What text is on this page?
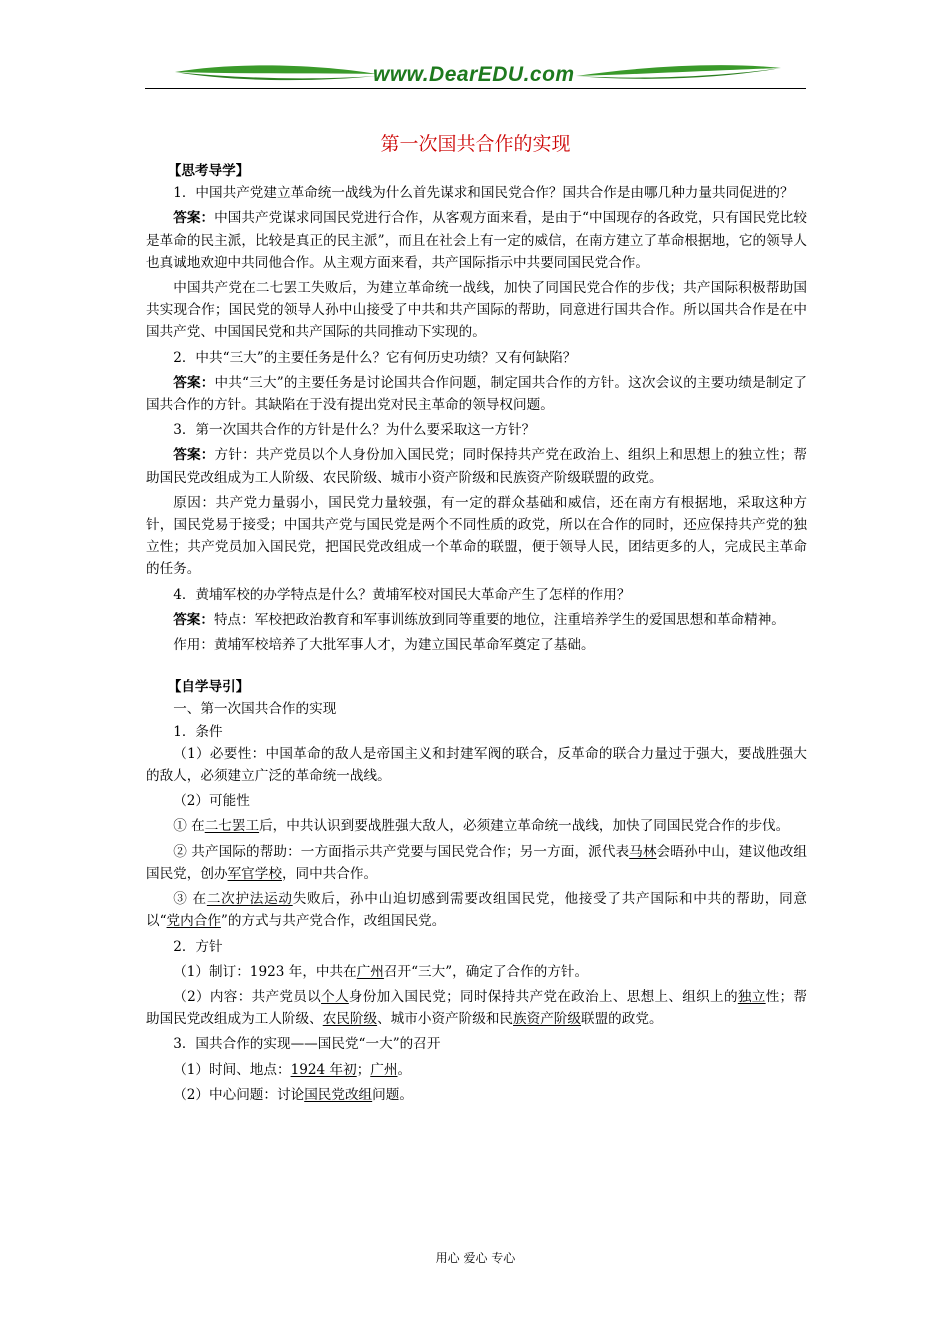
www.DearEDU.com
第一次国共合作的实现

【思考导学】

1．中国共产党建立革命统一战线为什么首先谋求和国民党合作？国共合作是由哪几种力量共同促进的？

答案：中国共产党谋求同国民党进行合作，从客观方面来看，是由于“中国现存的各政党，只有国民党比较是革命的民主派，比较是真正的民主派”，而且在社会上有一定的威信，在南方建立了革命根据地，它的领导人也真诚地欢迎中共同他合作。从主观方面来看，共产国际指示中共要同国民党合作。

中国共产党在二七罢工失败后，为建立革命统一战线，加快了同国民党合作的步伐；共产国际积极帮助国共实现合作；国民党的领导人孙中山接受了中共和共产国际的帮助，同意进行国共合作。所以国共合作是在中国共产党、中国国民党和共产国际的共同推动下实现的。

2．中共“三大”的主要任务是什么？它有何历史功绩？又有何缺陷？

答案：中共“三大”的主要任务是讨论国共合作问题，制定国共合作的方针。这次会议的主要功绩是制定了国共合作的方针。其缺陷在于没有提出党对民主革命的领导权问题。

3．第一次国共合作的方针是什么？为什么要采取这一方针？

答案：方针：共产党员以个人身份加入国民党；同时保持共产党在政治上、组织上和思想上的独立性；帮助国民党改组成为工人阶级、农民阶级、城市小资产阶级和民族资产阶级联盟的政党。

原因：共产党力量弱小，国民党力量较强，有一定的群众基础和威信，还在南方有根据地，采取这种方针，国民党易于接受；中国共产党与国民党是两个不同性质的政党，所以在合作的同时，还应保持共产党的独立性；共产党员加入国民党，把国民党改组成一个革命的联盟，便于领导人民，团结更多的人，完成民主革命的任务。

4．黄埔军校的办学特点是什么？黄埔军校对国民大革命产生了怎样的作用？

答案：特点：军校把政治教育和军事训练放到同等重要的地位，注重培养学生的爱国思想和革命精神。

作用：黄埔军校培养了大批军事人才，为建立国民革命军奠定了基础。

【自学导引】

一、第一次国共合作的实现

1．条件

（1）必要性：中国革命的敌人是帝国主义和封建军阀的联合，反革命的联合力量过于强大，要战胜强大的敌人，必须建立广泛的革命统一战线。

（2）可能性

① 在二七罢工后，中共认识到要战胜强大敌人，必须建立革命统一战线，加快了同国民党合作的步伐。

② 共产国际的帮助：一方面指示共产党要与国民党合作；另一方面，派代表马林会晤孙中山，建议他改组国民党，创办军官学校，同中共合作。

③ 在二次护法运动失败后，孙中山迫切感到需要改组国民党，他接受了共产国际和中共的帮助，同意以“党内合作”的方式与共产党合作，改组国民党。

2．方针

（1）制订：1923 年，中共在广州召开“三大”，确定了合作的方针。

（2）内容：共产党员以个人身份加入国民党；同时保持共产党在政治上、思想上、组织上的独立性；帮助国民党改组成为工人阶级、农民阶级、城市小资产阶级和民族资产阶级联盟的政党。

3．国共合作的实现——国民党“一大”的召开

（1）时间、地点：1924 年初；广州。

（2）中心问题：讨论国民党改组问题。

用心 爱心 专心
